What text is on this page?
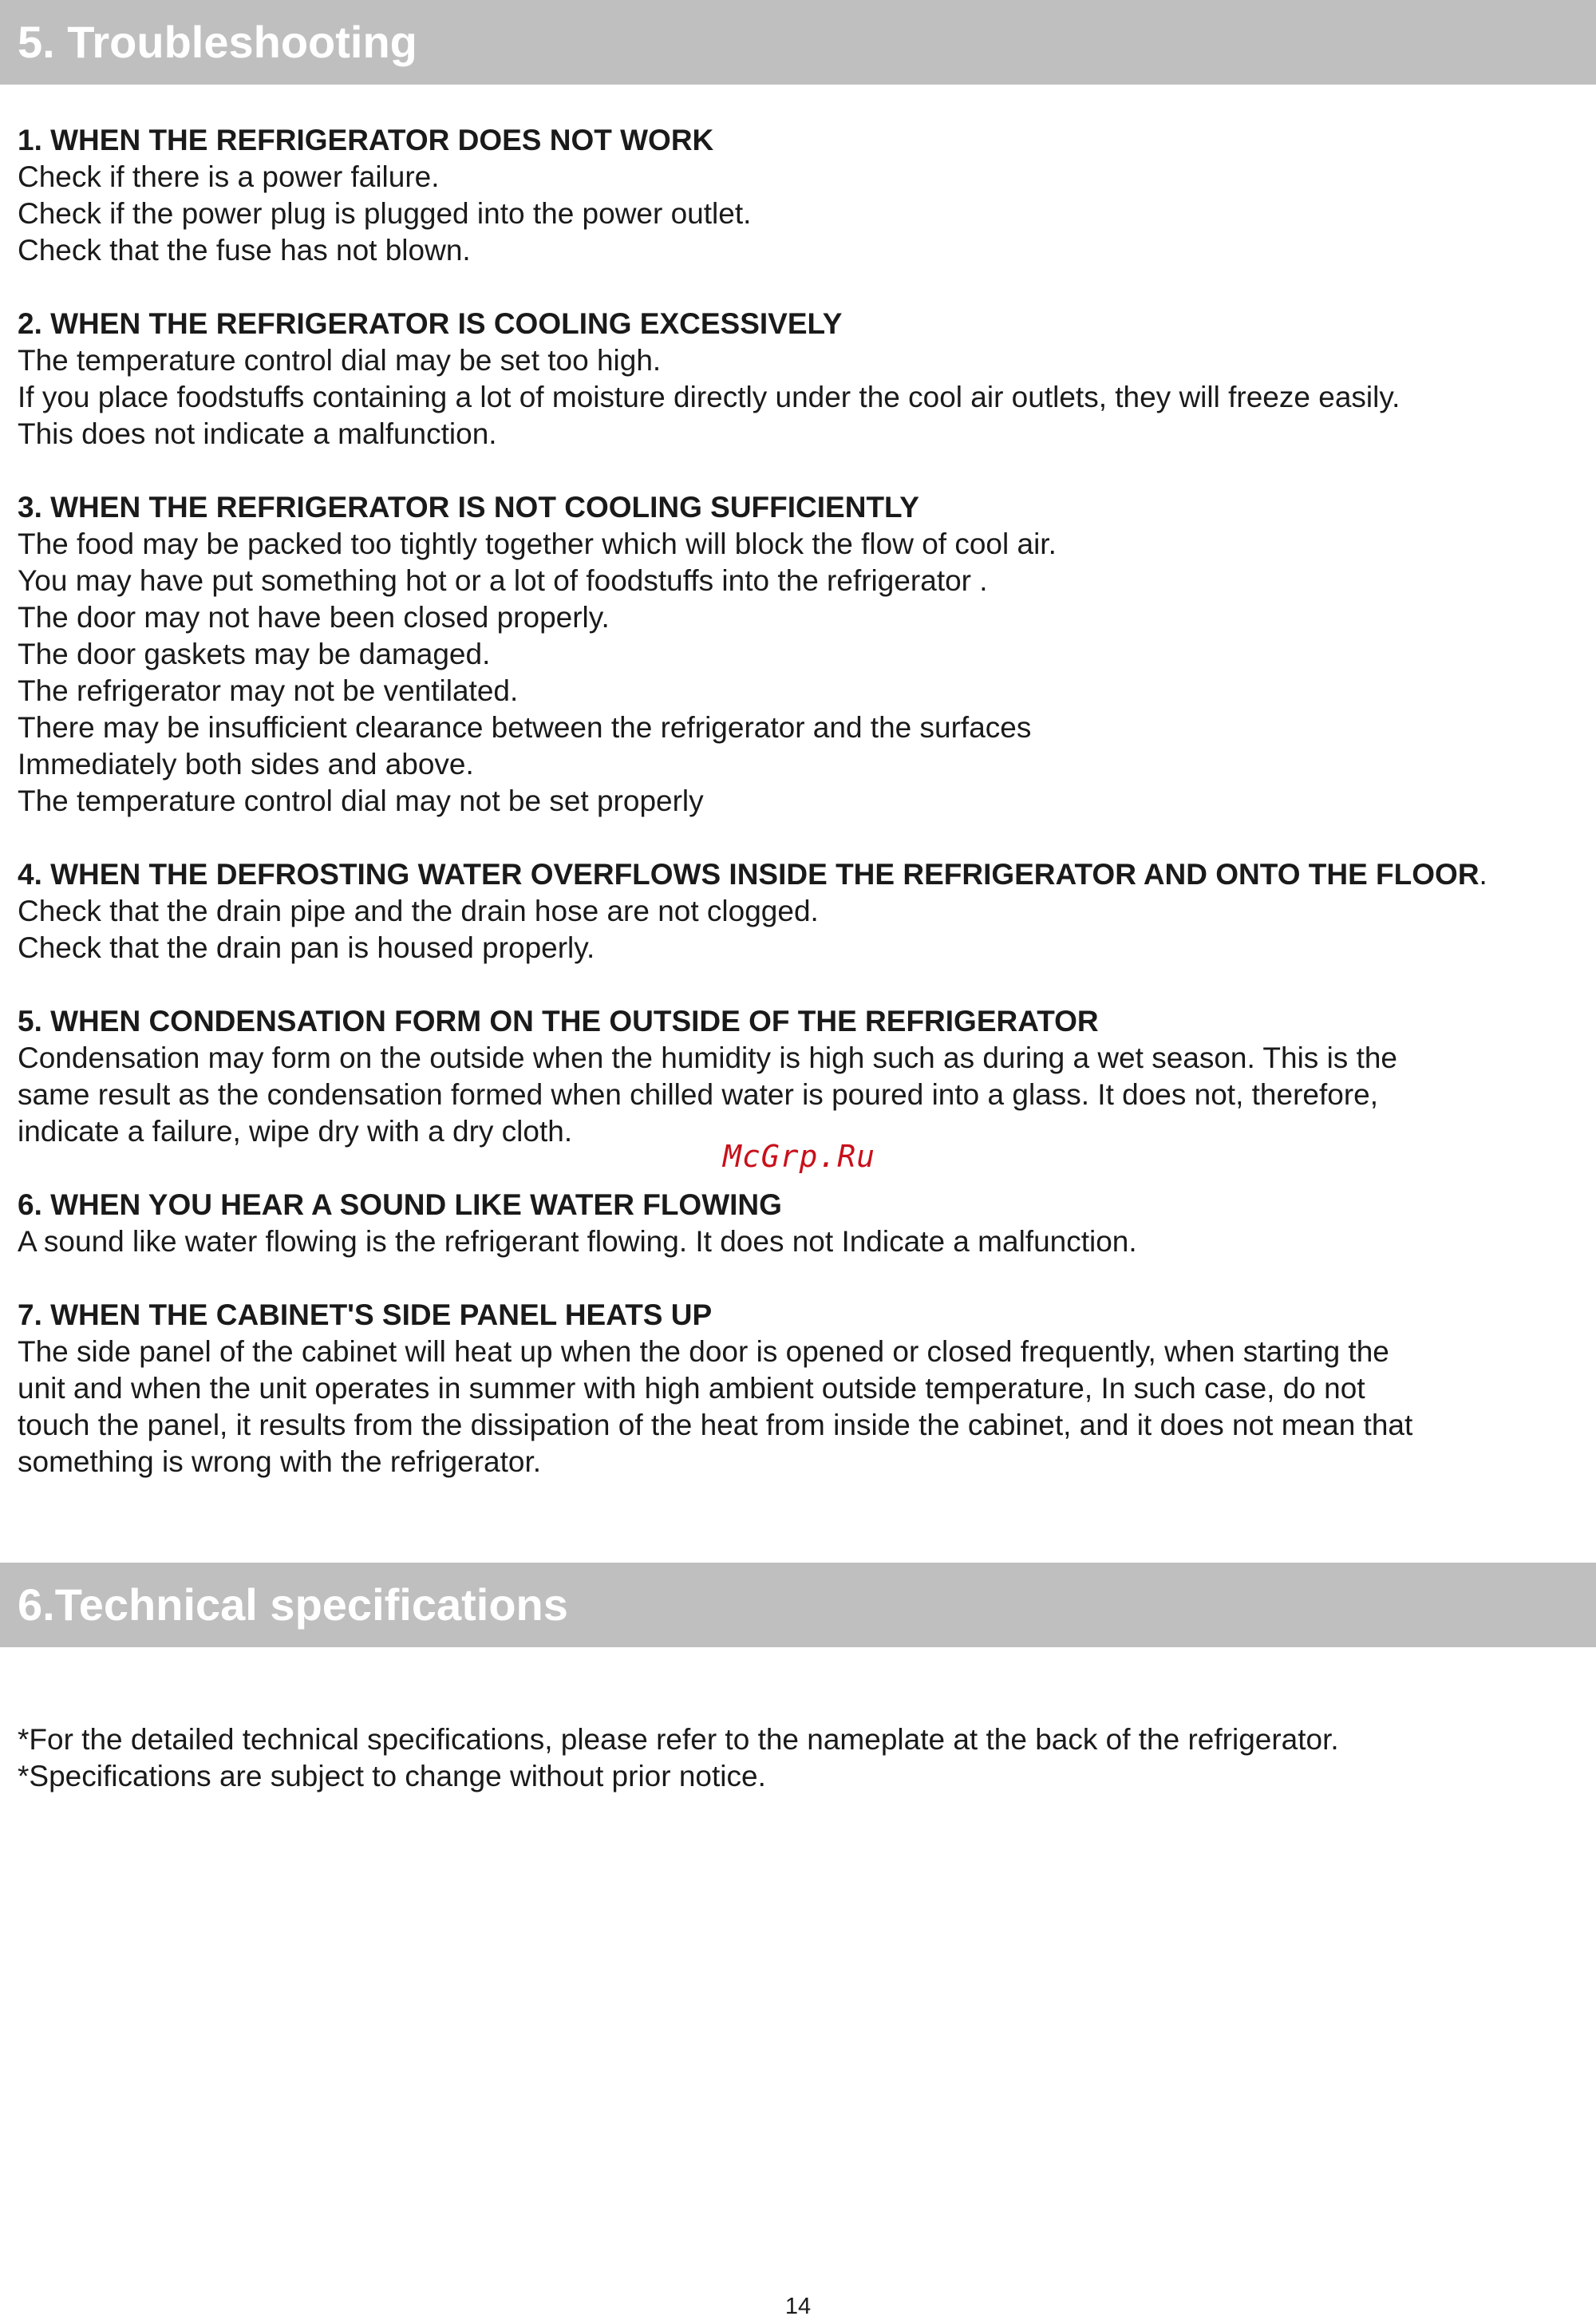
5. Troubleshooting
1. WHEN THE REFRIGERATOR DOES NOT WORK

Check if there is a power failure.

Check if the power plug is plugged into the power outlet.

Check that the fuse has not blown.

2. WHEN THE REFRIGERATOR IS COOLING EXCESSIVELY

The temperature control dial may be set too high.

If you place foodstuffs containing a lot of moisture directly under the cool air outlets, they will freeze easily.

This does not indicate a malfunction.

3. WHEN THE REFRIGERATOR IS NOT COOLING SUFFICIENTLY

The food may be packed too tightly together which will block the flow of cool air.

You may have put something hot or a lot of foodstuffs into the refrigerator .

The door may not have been closed properly.

The door gaskets may be damaged.

The refrigerator may not be ventilated.

There may be insufficient clearance between the refrigerator and the surfaces

Immediately both sides and above.

The temperature control dial may not be set properly

4. WHEN THE DEFROSTING WATER OVERFLOWS INSIDE THE REFRIGERATOR AND ONTO THE FLOOR.

Check that the drain pipe and the drain hose are not clogged.

Check that the drain pan is housed properly.

5. WHEN CONDENSATION FORM ON THE OUTSIDE OF THE REFRIGERATOR

Condensation may form on the outside when the humidity is high such as during a wet season. This is the

same result as the condensation formed when chilled water is poured into a glass. It does not, therefore,

indicate a failure, wipe dry with a dry cloth.

6. WHEN YOU HEAR A SOUND LIKE WATER FLOWING

A sound like water flowing is the refrigerant flowing. It does not Indicate a malfunction.

7. WHEN THE CABINET'S SIDE PANEL HEATS UP

The side panel of the cabinet will heat up when the door is opened or closed frequently, when starting the

unit and when the unit operates in summer with high ambient outside temperature, In such case, do not

touch the panel, it results from the dissipation of the heat from inside the cabinet, and it does not mean that

something is wrong with the refrigerator.

McGrp.Ru
6.Technical specifications

*For the detailed technical specifications, please refer to the nameplate at the back of the refrigerator.

*Specifications are subject to change without prior notice.

14
